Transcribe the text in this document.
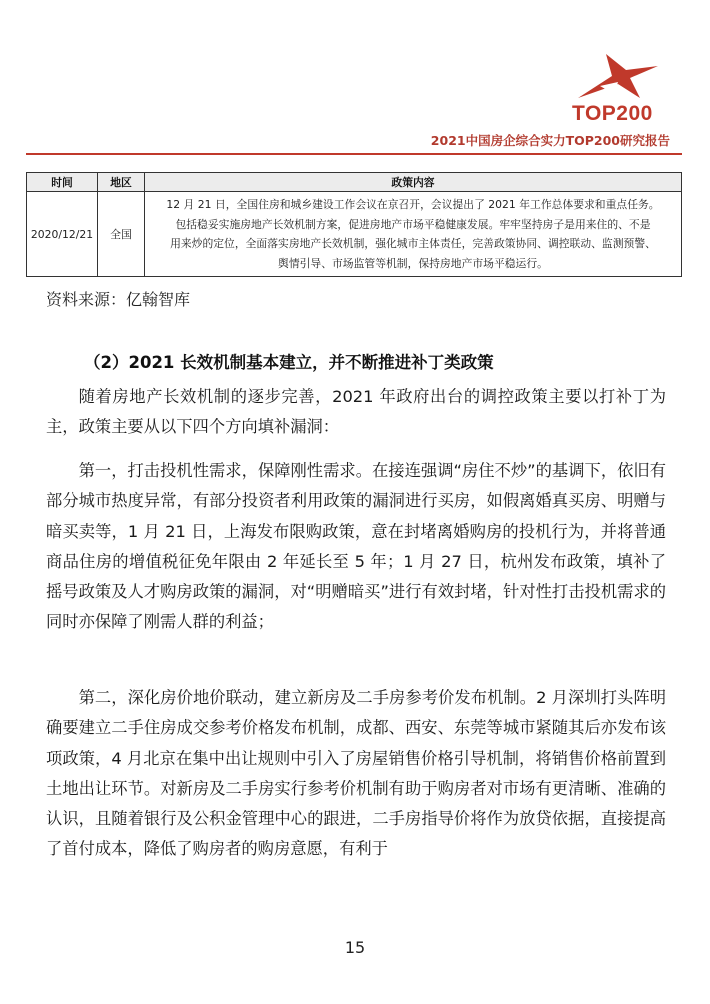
TOP200
2021中国房企综合实力TOP200研究报告
时间	地区	政策内容
2020/12/21	全国	12 月 21 日，全国住房和城乡建设工作会议在京召开，会议提出了 2021 年工作总体要求和重点任务。
包括稳妥实施房地产长效机制方案，促进房地产市场平稳健康发展。牢牢坚持房子是用来住的、不是
用来炒的定位，全面落实房地产长效机制，强化城市主体责任，完善政策协同、调控联动、监测预警、
舆情引导、市场监管等机制，保持房地产市场平稳运行。
资料来源：亿翰智库
（2）2021 长效机制基本建立，并不断推进补丁类政策

随着房地产长效机制的逐步完善，2021 年政府出台的调控政策主要以打补丁为主，政策主要从以下四个方向填补漏洞：

第一，打击投机性需求，保障刚性需求。在接连强调“房住不炒”的基调下，依旧有部分城市热度异常，有部分投资者利用政策的漏洞进行买房，如假离婚真买房、明赠与暗买卖等，1 月 21 日，上海发布限购政策，意在封堵离婚购房的投机行为，并将普通商品住房的增值税征免年限由 2 年延长至 5 年；1 月 27 日，杭州发布政策，填补了摇号政策及人才购房政策的漏洞，对“明赠暗买”进行有效封堵，针对性打击投机需求的同时亦保障了刚需人群的利益；

第二，深化房价地价联动，建立新房及二手房参考价发布机制。2 月深圳打头阵明确要建立二手住房成交参考价格发布机制，成都、西安、东莞等城市紧随其后亦发布该项政策，4 月北京在集中出让规则中引入了房屋销售价格引导机制，将销售价格前置到土地出让环节。对新房及二手房实行参考价机制有助于购房者对市场有更清晰、准确的认识，且随着银行及公积金管理中心的跟进，二手房指导价将作为放贷依据，直接提高了首付成本，降低了购房者的购房意愿，有利于

15
